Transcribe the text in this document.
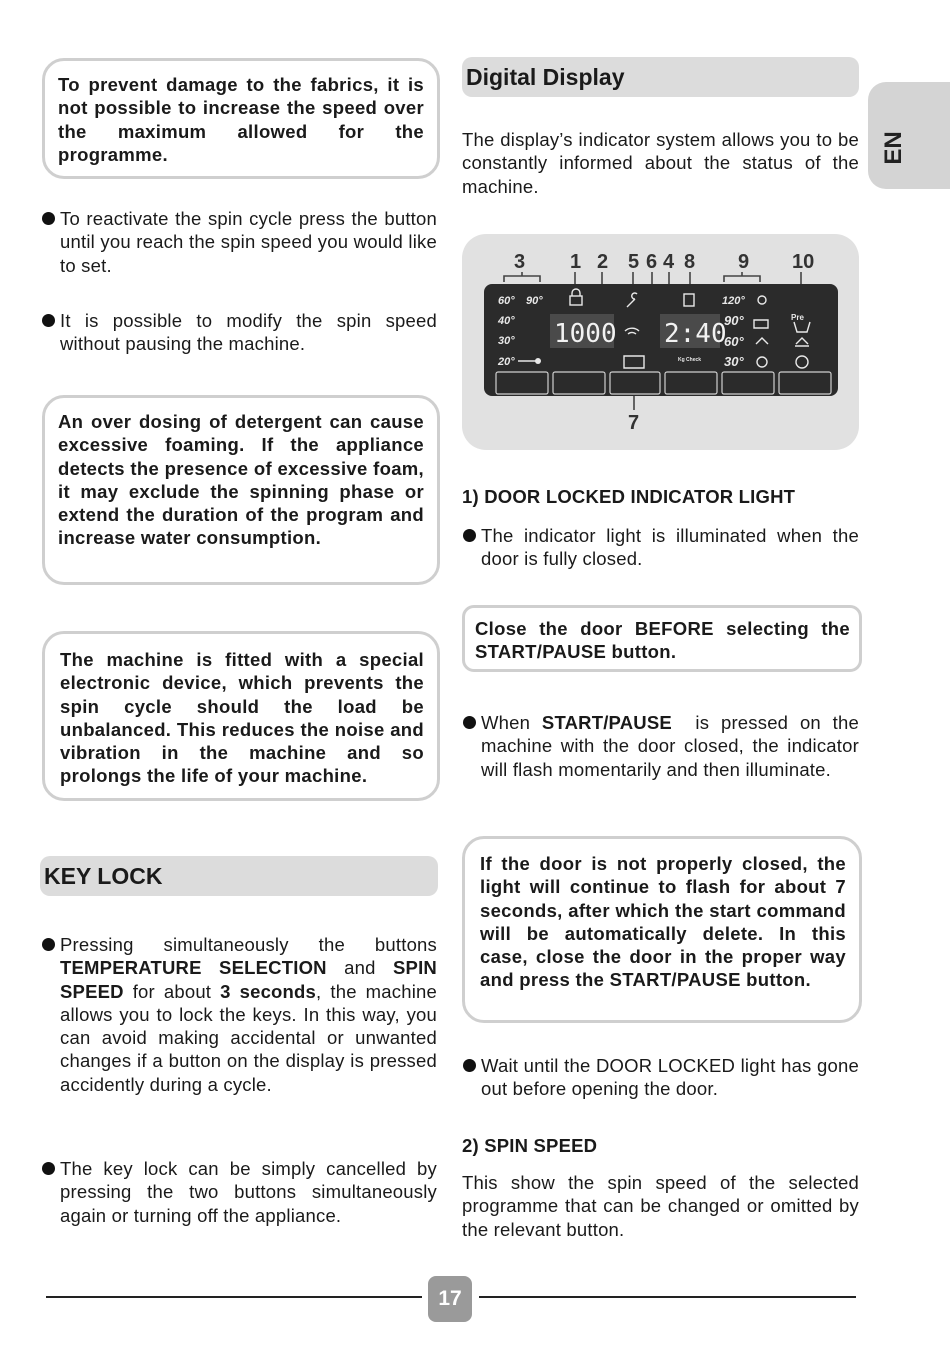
EN
To prevent damage to the fabrics, it is not possible to increase the speed over the maximum allowed for the programme.
To reactivate the spin cycle press the button until you reach the spin speed you would like to set.
It is possible to modify the spin speed without pausing the machine.
An over dosing of detergent can cause excessive foaming. If the appliance detects the presence of excessive foam, it may exclude the spinning phase or extend the duration of the program and increase water consumption.
The machine is fitted with a special electronic device, which prevents the spin cycle should the load be unbalanced. This reduces the noise and vibration in the machine and so prolongs the life of your machine.
KEY LOCK
Pressing simultaneously the buttons TEMPERATURE SELECTION and SPIN SPEED for about 3 seconds, the machine allows you to lock the keys. In this way, you can avoid making accidental or unwanted changes if a button on the display is pressed accidently during a cycle.
The key lock can be simply cancelled by pressing the two buttons simultaneously again or turning off the appliance.
Digital Display
The display’s indicator system allows you to be constantly informed about the status of the machine.
3 1 2 5 6 4 8 9 10
7
60° 90°
40°
30°
20°
120°
90°
60°
30°
1000 2:40
Pre
Kg Check
1) DOOR LOCKED INDICATOR LIGHT
The indicator light is illuminated when the door is fully closed.
Close the door BEFORE selecting the START/PAUSE button.
When START/PAUSE  is pressed on the machine with the door closed, the indicator will flash momentarily and then illuminate.
If the door is not properly closed, the light will continue to flash for about 7 seconds, after which the start command will be automatically delete. In this case, close the door in the proper way and press the START/PAUSE button.
Wait until the DOOR LOCKED light has gone out before opening the door.
2) SPIN SPEED
This show the spin speed of the selected programme that can be changed or omitted by the relevant button.
17
